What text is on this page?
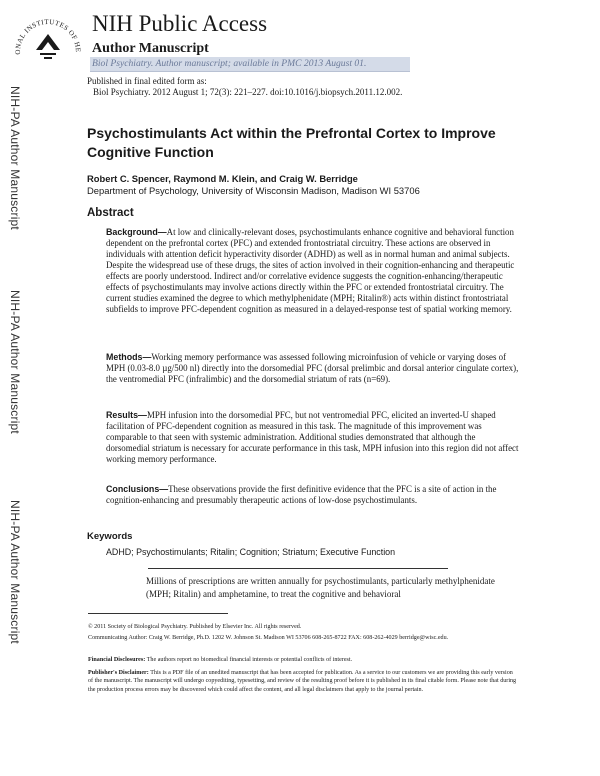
ONAL INSTITUTES OF HE
NIH Public Access
Author Manuscript
Biol Psychiatry. Author manuscript; available in PMC 2013 August 01.
Published in final edited form as:
Biol Psychiatry. 2012 August 1; 72(3): 221–227. doi:10.1016/j.biopsych.2011.12.002.
NIH-PA Author Manuscript
NIH-PA Author Manuscript
NIH-PA Author Manuscript
Psychostimulants Act within the Prefrontal Cortex to Improve Cognitive Function
Robert C. Spencer, Raymond M. Klein, and Craig W. Berridge
Department of Psychology, University of Wisconsin Madison, Madison WI 53706
Abstract
Background—At low and clinically-relevant doses, psychostimulants enhance cognitive and behavioral function dependent on the prefrontal cortex (PFC) and extended frontostriatal circuitry. These actions are observed in individuals with attention deficit hyperactivity disorder (ADHD) as well as in normal human and animal subjects. Despite the widespread use of these drugs, the sites of action involved in their cognition-enhancing and therapeutic effects are poorly understood. Indirect and/or correlative evidence suggests the cognition-enhancing/therapeutic effects of psychostimulants may involve actions directly within the PFC or extended frontostriatal circuitry. The current studies examined the degree to which methylphenidate (MPH; Ritalin®) acts within distinct frontostriatal subfields to improve PFC-dependent cognition as measured in a delayed-response test of spatial working memory.
Methods—Working memory performance was assessed following microinfusion of vehicle or varying doses of MPH (0.03-8.0 µg/500 nl) directly into the dorsomedial PFC (dorsal prelimbic and dorsal anterior cingulate cortex), the ventromedial PFC (infralimbic) and the dorsomedial striatum of rats (n=69).
Results—MPH infusion into the dorsomedial PFC, but not ventromedial PFC, elicited an inverted-U shaped facilitation of PFC-dependent cognition as measured in this task. The magnitude of this improvement was comparable to that seen with systemic administration. Additional studies demonstrated that although the dorsomedial striatum is necessary for accurate performance in this task, MPH infusion into this region did not affect working memory performance.
Conclusions—These observations provide the first definitive evidence that the PFC is a site of action in the cognition-enhancing and presumably therapeutic actions of low-dose psychostimulants.
Keywords
ADHD; Psychostimulants; Ritalin; Cognition; Striatum; Executive Function
Millions of prescriptions are written annually for psychostimulants, particularly methylphenidate (MPH; Ritalin) and amphetamine, to treat the cognitive and behavioral
© 2011 Society of Biological Psychiatry. Published by Elsevier Inc. All rights reserved.
Communicating Author: Craig W. Berridge, Ph.D. 1202 W. Johnson St. Madison WI 53706 608-265-8722 FAX: 608-262-4029 berridge@wisc.edu.
Financial Disclosures: The authors report no biomedical financial interests or potential conflicts of interest.
Publisher's Disclaimer: This is a PDF file of an unedited manuscript that has been accepted for publication. As a service to our customers we are providing this early version of the manuscript. The manuscript will undergo copyediting, typesetting, and review of the resulting proof before it is published in its final citable form. Please note that during the production process errors may be discovered which could affect the content, and all legal disclaimers that apply to the journal pertain.
